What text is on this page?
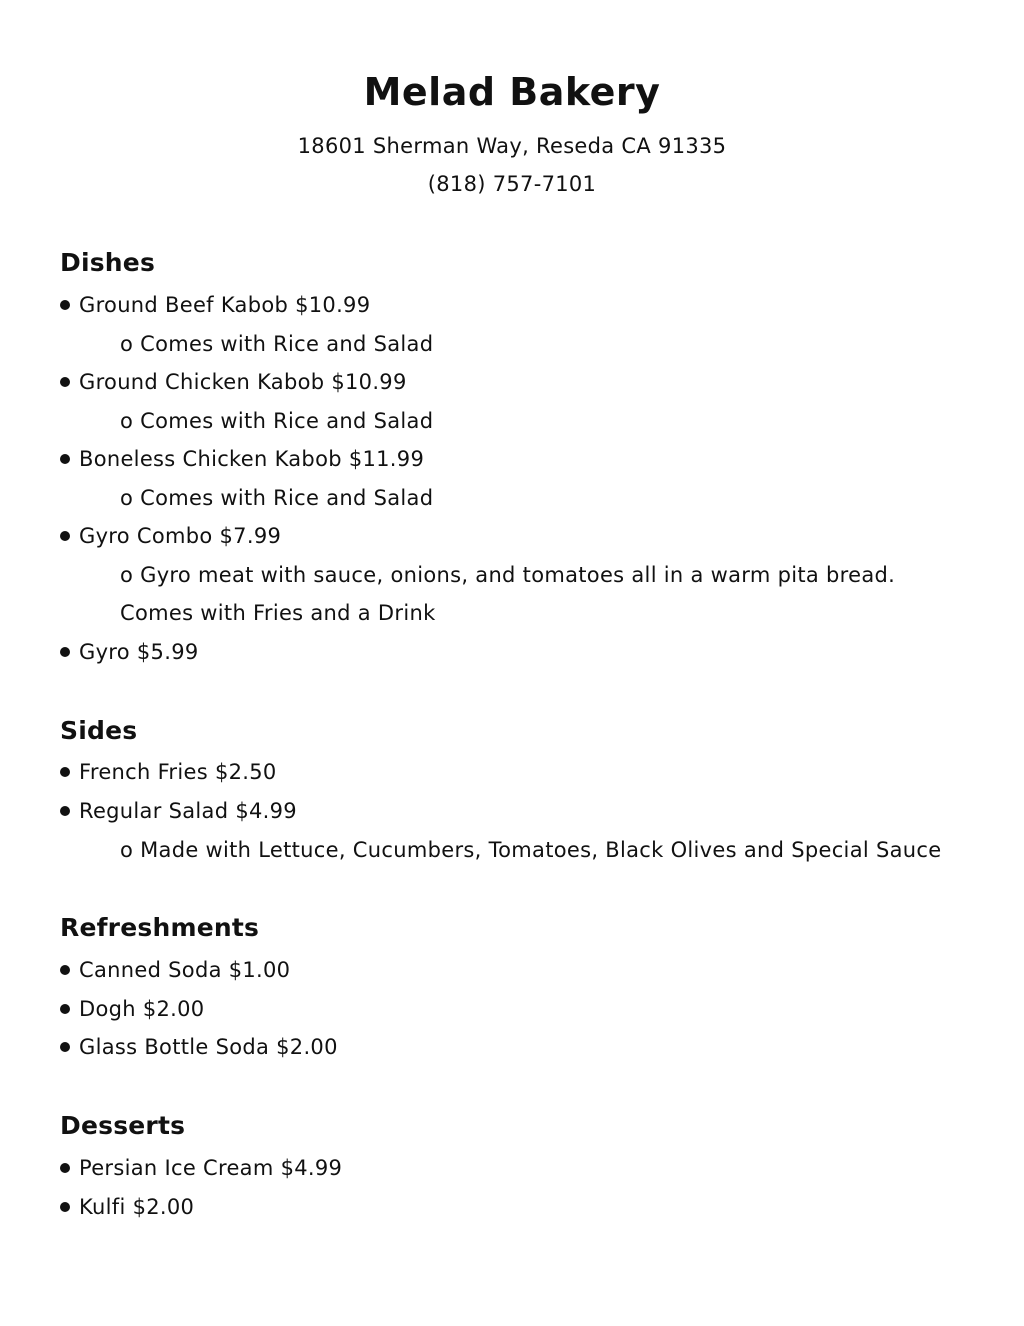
Melad Bakery
18601 Sherman Way, Reseda CA 91335
(818) 757-7101
Dishes
Ground Beef Kabob $10.99
o Comes with Rice and Salad
Ground Chicken Kabob $10.99
o Comes with Rice and Salad
Boneless Chicken Kabob $11.99
o Comes with Rice and Salad
Gyro Combo $7.99
o Gyro meat with sauce, onions, and tomatoes all in a warm pita bread.
Comes with Fries and a Drink
Gyro $5.99
Sides
French Fries $2.50
Regular Salad $4.99
o Made with Lettuce, Cucumbers, Tomatoes, Black Olives and Special Sauce
Refreshments
Canned Soda $1.00
Dogh $2.00
Glass Bottle Soda $2.00
Desserts
Persian Ice Cream $4.99
Kulfi $2.00
